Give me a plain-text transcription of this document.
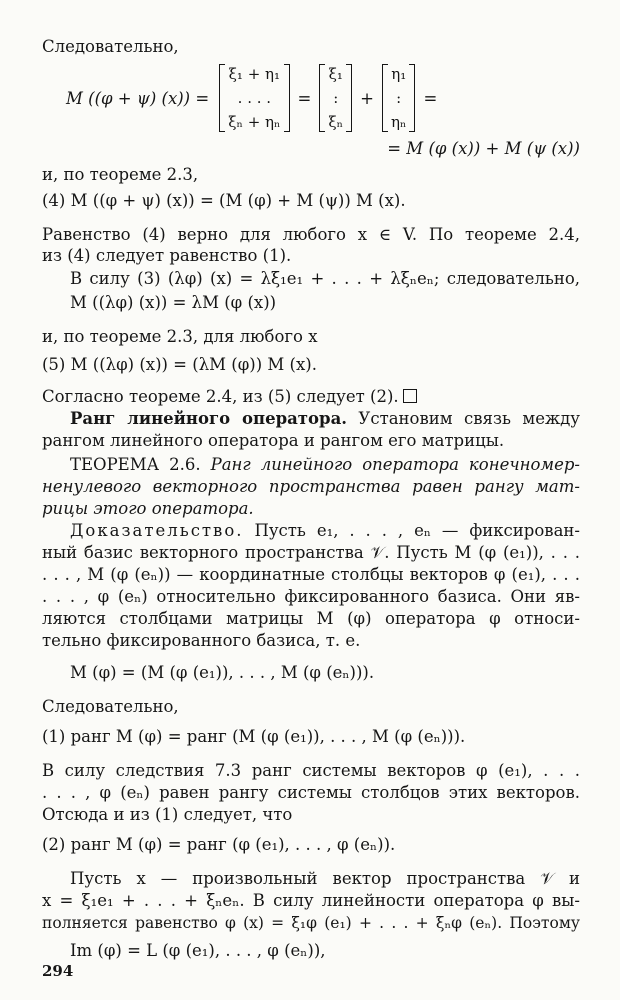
Следовательно,
M ((φ + ψ) (x)) =
ξ₁ + η₁
. . . .
ξₙ + ηₙ
=
ξ₁
:
ξₙ
+
η₁
:
ηₙ
=
= M (φ (x)) + M (ψ (x))
и, по теореме 2.3,
(4) M ((φ + ψ) (x)) = (M (φ) + M (ψ)) M (x).
Равенство (4) верно для любого x ∈ V. По теореме 2.4,
из (4) следует равенство (1).
В силу (3) (λφ) (x) = λξ₁e₁ + . . . + λξₙeₙ; следовательно,
M ((λφ) (x)) = λM (φ (x))
и, по теореме 2.3, для любого x
(5) M ((λφ) (x)) = (λM (φ)) M (x).
Согласно теореме 2.4, из (5) следует (2).
Ранг линейного оператора. Установим связь между
рангом линейного оператора и рангом его матрицы.
ТЕОРЕМА 2.6. Ранг линейного оператора конечномер-
ненулевого векторного пространства равен рангу мат-
рицы этого оператора.
Доказательство. Пусть e₁, . . . , eₙ — фиксирован-
ный базис векторного пространства 𝒱. Пусть M (φ (e₁)), . . .
. . . , M (φ (eₙ)) — координатные столбцы векторов φ (e₁), . . .
. . . , φ (eₙ) относительно фиксированного базиса. Они яв-
ляются столбцами матрицы M (φ) оператора φ относи-
тельно фиксированного базиса, т. е.
M (φ) = (M (φ (e₁)), . . . , M (φ (eₙ))).
Следовательно,
(1) ранг M (φ) = ранг (M (φ (e₁)), . . . , M (φ (eₙ))).
В силу следствия 7.3 ранг системы векторов φ (e₁), . . .
. . . , φ (eₙ) равен рангу системы столбцов этих векторов.
Отсюда и из (1) следует, что
(2) ранг M (φ) = ранг (φ (e₁), . . . , φ (eₙ)).
Пусть x — произвольный вектор пространства 𝒱 и
x = ξ₁e₁ + . . . + ξₙeₙ. В силу линейности оператора φ вы-
полняется равенство φ (x) = ξ₁φ (e₁) + . . . + ξₙφ (eₙ). Поэтому
Im (φ) = L (φ (e₁), . . . , φ (eₙ)),
294
